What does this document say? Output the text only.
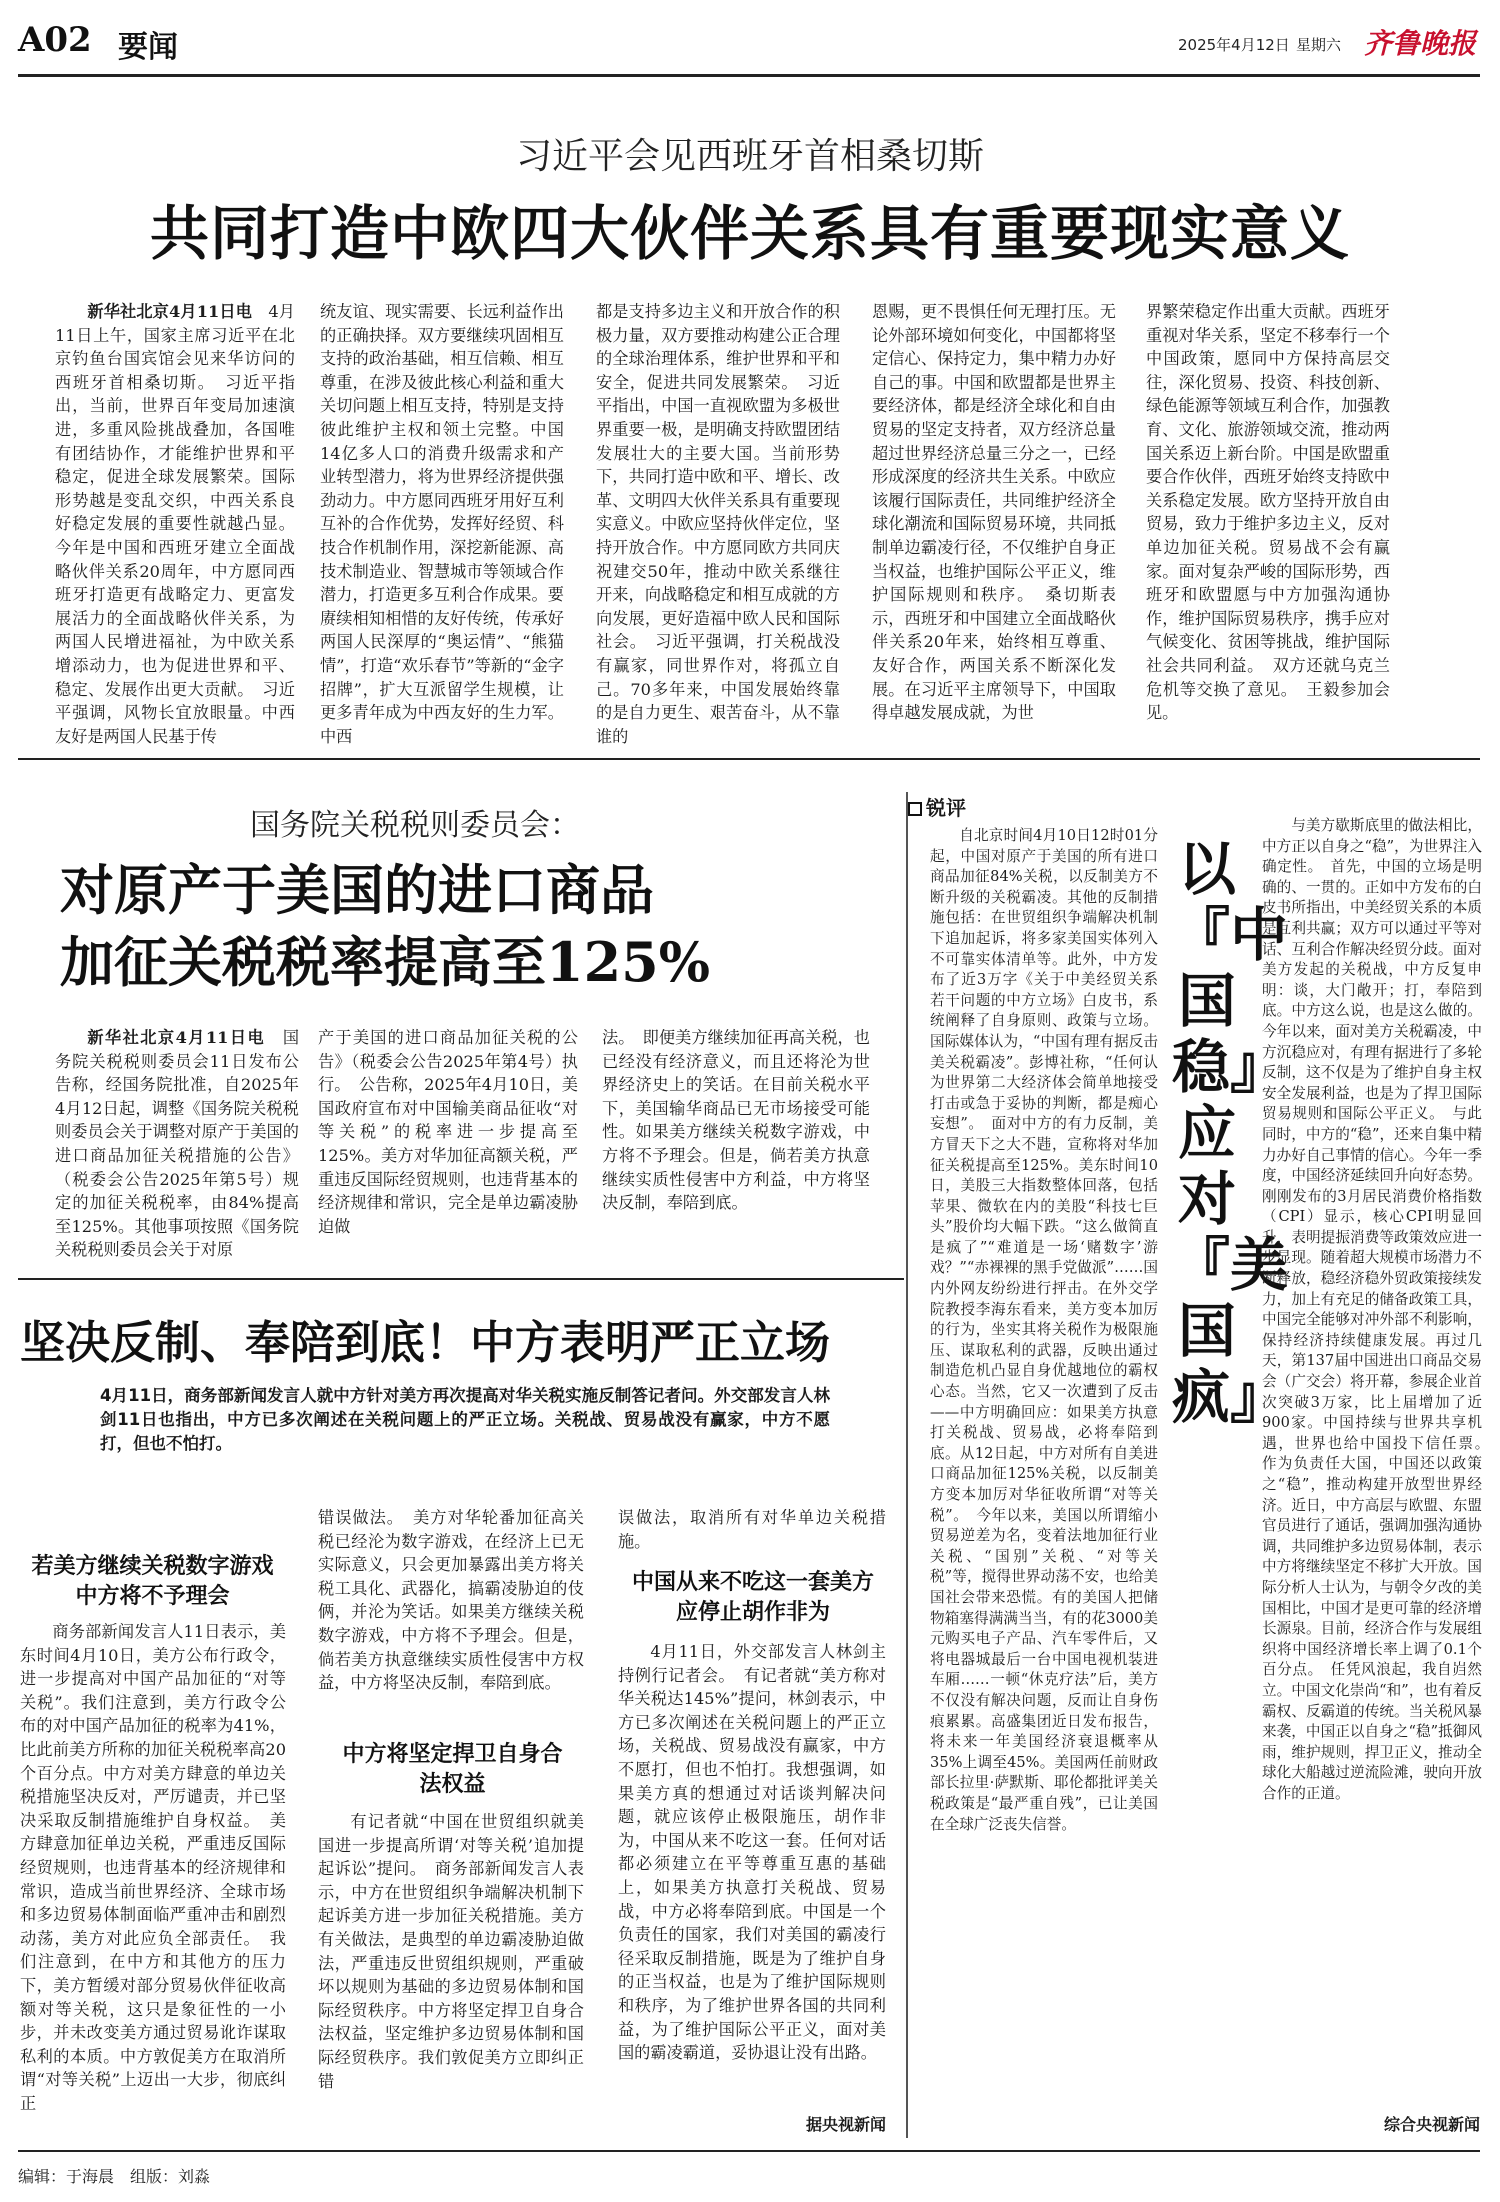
A02 要闻	2025年4月12日 星期六 齐鲁晚报
习近平会见西班牙首相桑切斯
共同打造中欧四大伙伴关系具有重要现实意义

新华社北京4月11日电　 4月11日上午，国家主席习近平在北京钓鱼台国宾馆会见来华访问的西班牙首相桑切斯。　习近平指出，当前，世界百年变局加速演进，多重风险挑战叠加，各国唯有团结协作，才能维护世界和平稳定，促进全球发展繁荣。国际形势越是变乱交织，中西关系良好稳定发展的重要性就越凸显。今年是中国和西班牙建立全面战略伙伴关系20周年，中方愿同西班牙打造更有战略定力、更富发展活力的全面战略伙伴关系，为两国人民增进福祉，为中欧关系增添动力，也为促进世界和平、稳定、发展作出更大贡献。　习近平强调，风物长宜放眼量。中西友好是两国人民基于传

统友谊、现实需要、长远利益作出的正确抉择。双方要继续巩固相互支持的政治基础，相互信赖、相互尊重，在涉及彼此核心利益和重大关切问题上相互支持，特别是支持彼此维护主权和领土完整。中国14亿多人口的消费升级需求和产业转型潜力，将为世界经济提供强劲动力。中方愿同西班牙用好互利互补的合作优势，发挥好经贸、科技合作机制作用，深挖新能源、高技术制造业、智慧城市等领域合作潜力，打造更多互利合作成果。要赓续相知相惜的友好传统，传承好两国人民深厚的“奥运情”、“熊猫情”，打造“欢乐春节”等新的“金字招牌”，扩大互派留学生规模，让更多青年成为中西友好的生力军。中西
都是支持多边主义和开放合作的积极力量，双方要推动构建公正合理的全球治理体系，维护世界和平和安全，促进共同发展繁荣。　习近平指出，中国一直视欧盟为多极世界重要一极，是明确支持欧盟团结发展壮大的主要大国。当前形势下，共同打造中欧和平、增长、改革、文明四大伙伴关系具有重要现实意义。中欧应坚持伙伴定位，坚持开放合作。中方愿同欧方共同庆祝建交50年，推动中欧关系继往开来，向战略稳定和相互成就的方向发展，更好造福中欧人民和国际社会。　习近平强调，打关税战没有赢家，同世界作对，将孤立自己。70多年来，中国发展始终靠的是自力更生、艰苦奋斗，从不靠谁的
恩赐，更不畏惧任何无理打压。无论外部环境如何变化，中国都将坚定信心、保持定力，集中精力办好自己的事。中国和欧盟都是世界主要经济体，都是经济全球化和自由贸易的坚定支持者，双方经济总量超过世界经济总量三分之一，已经形成深度的经济共生关系。中欧应该履行国际责任，共同维护经济全球化潮流和国际贸易环境，共同抵制单边霸凌行径，不仅维护自身正当权益，也维护国际公平正义，维护国际规则和秩序。　桑切斯表示，西班牙和中国建立全面战略伙伴关系20年来，始终相互尊重、友好合作，两国关系不断深化发展。在习近平主席领导下，中国取得卓越发展成就，为世
界繁荣稳定作出重大贡献。西班牙重视对华关系，坚定不移奉行一个中国政策，愿同中方保持高层交往，深化贸易、投资、科技创新、绿色能源等领域互利合作，加强教育、文化、旅游领域交流，推动两国关系迈上新台阶。中国是欧盟重要合作伙伴，西班牙始终支持欧中关系稳定发展。欧方坚持开放自由贸易，致力于维护多边主义，反对单边加征关税。贸易战不会有赢家。面对复杂严峻的国际形势，西班牙和欧盟愿与中方加强沟通协作，维护国际贸易秩序，携手应对气候变化、贫困等挑战，维护国际社会共同利益。　双方还就乌克兰危机等交换了意见。　王毅参加会见。
国务院关税税则委员会：
对原产于美国的进口商品
加征关税税率提高至125%

新华社北京4月11日电　 国务院关税税则委员会11日发布公告称，经国务院批准，自2025年4月12日起，调整《国务院关税税则委员会关于调整对原产于美国的进口商品加征关税措施的公告》（税委会公告2025年第5号）规定的加征关税税率，由84%提高至125%。其他事项按照《国务院关税税则委员会关于对原

产于美国的进口商品加征关税的公告》（税委会公告2025年第4号）执行。　公告称，2025年4月10日，美国政府宣布对中国输美商品征收“对等关税”的税率进一步提高至125%。美方对华加征高额关税，严重违反国际经贸规则，也违背基本的经济规律和常识，完全是单边霸凌胁迫做
法。　即便美方继续加征再高关税，也已经没有经济意义，而且还将沦为世界经济史上的笑话。在目前关税水平下，美国输华商品已无市场接受可能性。如果美方继续关税数字游戏，中方将不予理会。但是，倘若美方执意继续实质性侵害中方利益，中方将坚决反制，奉陪到底。
坚决反制、奉陪到底！中方表明严正立场
4月11日，商务部新闻发言人就中方针对美方再次提高对华关税实施反制答记者问。外交部发言人林剑11日也指出，中方已多次阐述在关税问题上的严正立场。关税战、贸易战没有赢家，中方不愿打，但也不怕打。
若美方继续关税数字游戏中方将不予理会
商务部新闻发言人11日表示，美东时间4月10日，美方公布行政令，进一步提高对中国产品加征的“对等关税”。我们注意到，美方行政令公布的对中国产品加征的税率为41%，比此前美方所称的加征关税税率高20个百分点。中方对美方肆意的单边关税措施坚决反对，严厉谴责，并已坚决采取反制措施维护自身权益。　美方肆意加征单边关税，严重违反国际经贸规则，也违背基本的经济规律和常识，造成当前世界经济、全球市场和多边贸易体制面临严重冲击和剧烈动荡，美方对此应负全部责任。　我们注意到，在中方和其他方的压力下，美方暂缓对部分贸易伙伴征收高额对等关税，这只是象征性的一小步，并未改变美方通过贸易讹诈谋取私利的本质。中方敦促美方在取消所谓“对等关税”上迈出一大步，彻底纠正
错误做法。　美方对华轮番加征高关税已经沦为数字游戏，在经济上已无实际意义，只会更加暴露出美方将关税工具化、武器化，搞霸凌胁迫的伎俩，并沦为笑话。如果美方继续关税数字游戏，中方将不予理会。但是，倘若美方执意继续实质性侵害中方权益，中方将坚决反制，奉陪到底。
中方将坚定捍卫自身合法权益
有记者就“中国在世贸组织就美国进一步提高所谓‘对等关税’追加提起诉讼”提问。　商务部新闻发言人表示，中方在世贸组织争端解决机制下起诉美方进一步加征关税措施。美方有关做法，是典型的单边霸凌胁迫做法，严重违反世贸组织规则，严重破坏以规则为基础的多边贸易体制和国际经贸秩序。中方将坚定捍卫自身合法权益，坚定维护多边贸易体制和国际经贸秩序。我们敦促美方立即纠正错
误做法，取消所有对华单边关税措施。
中国从来不吃这一套美方应停止胡作非为
4月11日，外交部发言人林剑主持例行记者会。　有记者就“美方称对华关税达145%”提问，林剑表示，中方已多次阐述在关税问题上的严正立场，关税战、贸易战没有赢家，中方不愿打，但也不怕打。我想强调，如果美方真的想通过对话谈判解决问题，就应该停止极限施压，胡作非为，中国从来不吃这一套。任何对话都必须建立在平等尊重互惠的基础上，如果美方执意打关税战、贸易战，中方必将奉陪到底。中国是一个负责任的国家，我们对美国的霸凌行径采取反制措施，既是为了维护自身的正当权益，也是为了维护国际规则和秩序，为了维护世界各国的共同利益，为了维护国际公平正义，面对美国的霸凌霸道，妥协退让没有出路。
据央视新闻
锐评
自北京时间4月10日12时01分起，中国对原产于美国的所有进口商品加征84%关税，以反制美方不断升级的关税霸凌。其他的反制措施包括：在世贸组织争端解决机制下追加起诉，将多家美国实体列入不可靠实体清单等。此外，中方发布了近3万字《关于中美经贸关系若干问题的中方立场》白皮书，系统阐释了自身原则、政策与立场。国际媒体认为，“中国有理有据反击美关税霸凌”。彭博社称，“任何认为世界第二大经济体会简单地接受打击或急于妥协的判断，都是痴心妄想”。　面对中方的有力反制，美方冒天下之大不韪，宣称将对华加征关税提高至125%。美东时间10日，美股三大指数整体回落，包括苹果、微软在内的美股“科技七巨头”股价均大幅下跌。“这么做简直是疯了”“难道是一场‘赌数字’游戏？”“赤裸裸的黑手党做派”……国内外网友纷纷进行抨击。在外交学院教授李海东看来，美方变本加厉的行为，坐实其将关税作为极限施压、谋取私利的武器，反映出通过制造危机凸显自身优越地位的霸权心态。当然，它又一次遭到了反击——中方明确回应：如果美方执意打关税战、贸易战，必将奉陪到底。从12日起，中方对所有自美进口商品加征125%关税，以反制美方变本加厉对华征收所谓“对等关税”。　今年以来，美国以所谓缩小贸易逆差为名，变着法地加征行业关税、“国别”关税、“对等关税”等，搅得世界动荡不安，也给美国社会带来恐慌。有的美国人把储物箱塞得满满当当，有的花3000美元购买电子产品、汽车零件后，又将电器城最后一台中国电视机装进车厢……一顿“休克疗法”后，美方不仅没有解决问题，反而让自身伤痕累累。高盛集团近日发布报告，将未来一年美国经济衰退概率从35%上调至45%。美国两任前财政部长拉里·萨默斯、耶伦都批评美关税政策是“最严重自残”，已让美国在全球广泛丧失信誉。
以『中国稳』应对『美国疯』
与美方歇斯底里的做法相比，中方正以自身之“稳”，为世界注入确定性。　首先，中国的立场是明确的、一贯的。正如中方发布的白皮书所指出，中美经贸关系的本质是互利共赢；双方可以通过平等对话、互利合作解决经贸分歧。面对美方发起的关税战，中方反复申明：谈，大门敞开；打，奉陪到底。中方这么说，也是这么做的。今年以来，面对美方关税霸凌，中方沉稳应对，有理有据进行了多轮反制，这不仅是为了维护自身主权安全发展利益，也是为了捍卫国际贸易规则和国际公平正义。　与此同时，中方的“稳”，还来自集中精力办好自己事情的信心。今年一季度，中国经济延续回升向好态势。刚刚发布的3月居民消费价格指数（CPI）显示，核心CPI明显回升，表明提振消费等政策效应进一步显现。随着超大规模市场潜力不断释放，稳经济稳外贸政策接续发力，加上有充足的储备政策工具，中国完全能够对冲外部不利影响，保持经济持续健康发展。再过几天，第137届中国进出口商品交易会（广交会）将开幕，参展企业首次突破3万家，比上届增加了近900家。中国持续与世界共享机遇，世界也给中国投下信任票。　作为负责任大国，中国还以政策之“稳”，推动构建开放型世界经济。近日，中方高层与欧盟、东盟官员进行了通话，强调加强沟通协调，共同维护多边贸易体制，表示中方将继续坚定不移扩大开放。国际分析人士认为，与朝令夕改的美国相比，中国才是更可靠的经济增长源泉。目前，经济合作与发展组织将中国经济增长率上调了0.1个百分点。　任凭风浪起，我自岿然立。中国文化崇尚“和”，也有着反霸权、反霸道的传统。当关税风暴来袭，中国正以自身之“稳”抵御风雨，维护规则，捍卫正义，推动全球化大船越过逆流险滩，驶向开放合作的正道。
综合央视新闻
编辑：于海晨 组版：刘淼
